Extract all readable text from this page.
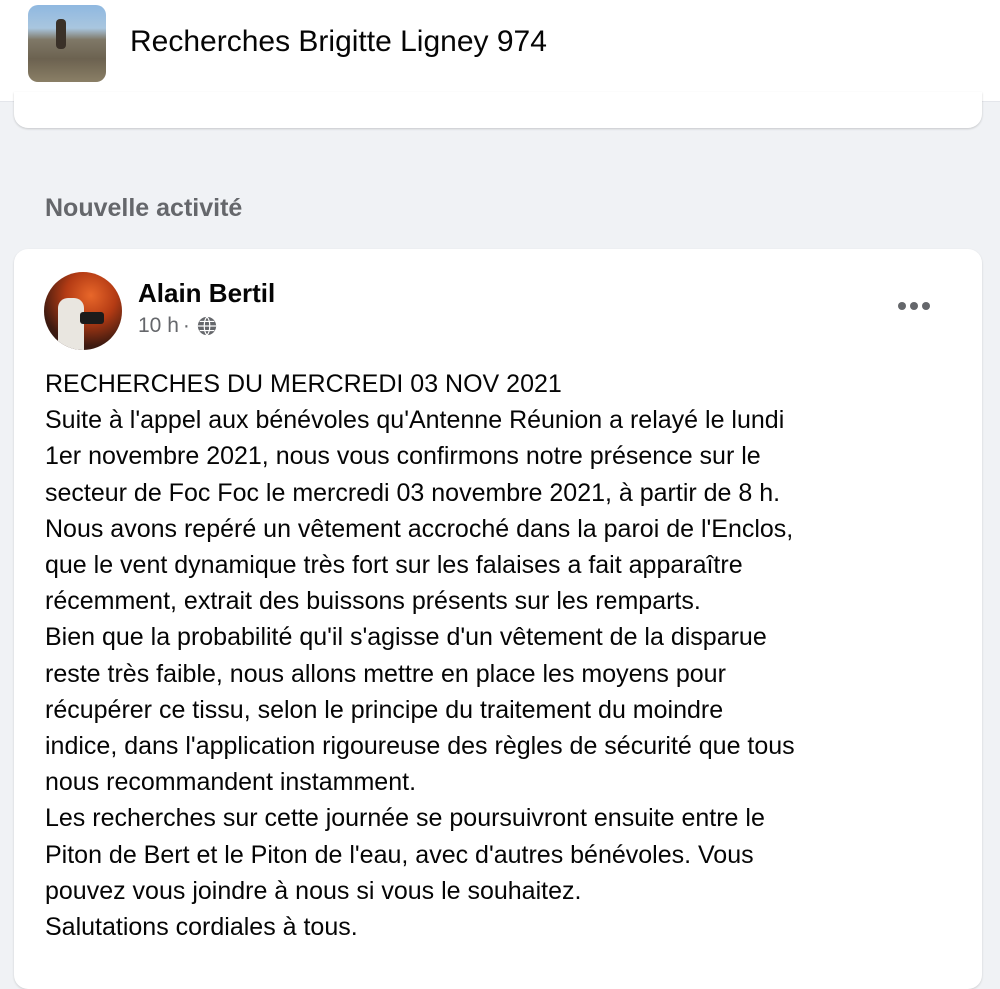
Recherches Brigitte Ligney 974
Nouvelle activité
Alain Bertil
10 h ·

RECHERCHES DU MERCREDI 03 NOV 2021

Suite à l'appel aux bénévoles qu'Antenne Réunion a relayé le lundi

1er novembre 2021, nous vous confirmons notre présence sur le

secteur de Foc Foc le mercredi 03 novembre 2021, à partir de 8 h.

Nous avons repéré un vêtement accroché dans la paroi de l'Enclos,

que le vent dynamique très fort sur les falaises a fait apparaître

récemment, extrait des buissons présents sur les remparts.

Bien que la probabilité qu'il s'agisse d'un vêtement de la disparue

reste très faible, nous allons mettre en place les moyens pour

récupérer ce tissu, selon le principe du traitement du moindre

indice, dans l'application rigoureuse des règles de sécurité que tous

nous recommandent instamment.

Les recherches sur cette journée se poursuivront ensuite entre le

Piton de Bert et le Piton de l'eau, avec d'autres bénévoles. Vous

pouvez vous joindre à nous si vous le souhaitez.

Salutations cordiales à tous.
